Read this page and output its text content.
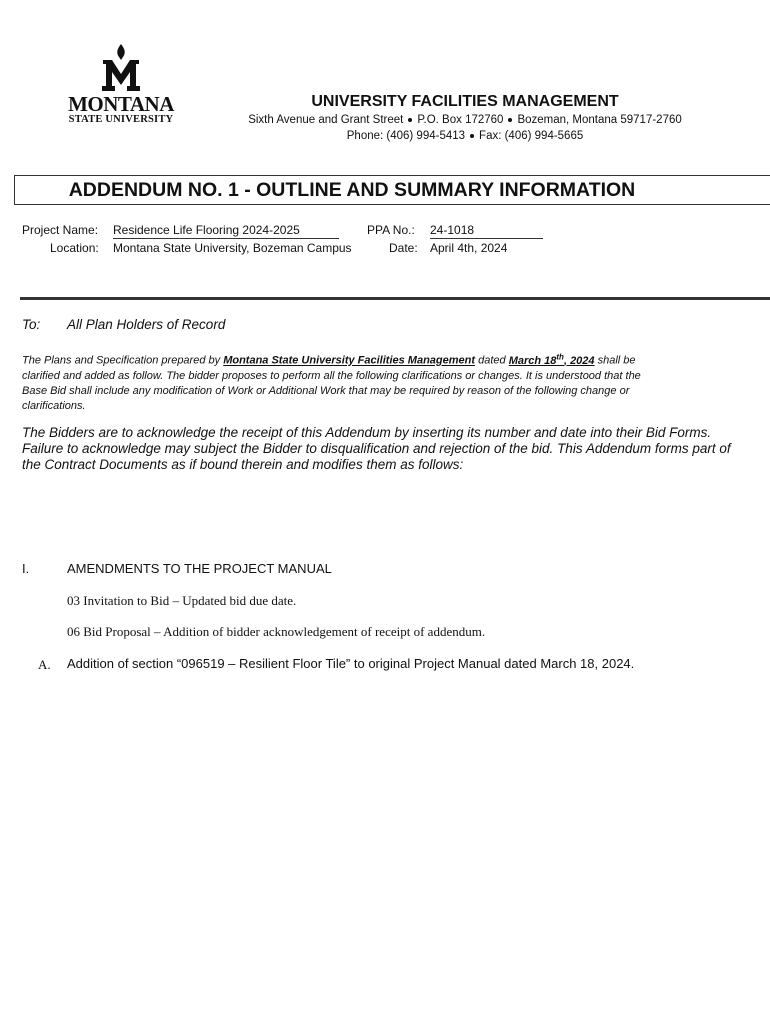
MONTANA
STATE UNIVERSITY
UNIVERSITY FACILITIES MANAGEMENT
Sixth Avenue and Grant Street P.O. Box 172760 Bozeman, Montana 59717-2760
Phone: (406) 994-5413 Fax: (406) 994-5665
ADDENDUM NO. 1 - OUTLINE AND SUMMARY INFORMATION
Project Name: Residence Life Flooring 2024-2025	PPA No.: 24-1018
Location: Montana State University, Bozeman Campus	Date: April 4th, 2024
To: All Plan Holders of Record
The Plans and Specification prepared by Montana State University Facilities Management dated March 18th, 2024 shall be
clarified and added as follow. The bidder proposes to perform all the following clarifications or changes. It is understood that the
Base Bid shall include any modification of Work or Additional Work that may be required by reason of the following change or
clarifications.
The Bidders are to acknowledge the receipt of this Addendum by inserting its number and date into their Bid Forms.
Failure to acknowledge may subject the Bidder to disqualification and rejection of the bid. This Addendum forms part of
the Contract Documents as if bound therein and modifies them as follows:
I.	AMENDMENTS TO THE PROJECT MANUAL
03 Invitation to Bid – Updated bid due date.
06 Bid Proposal – Addition of bidder acknowledgement of receipt of addendum.
A. Addition of section “096519 – Resilient Floor Tile” to original Project Manual dated March 18, 2024.
